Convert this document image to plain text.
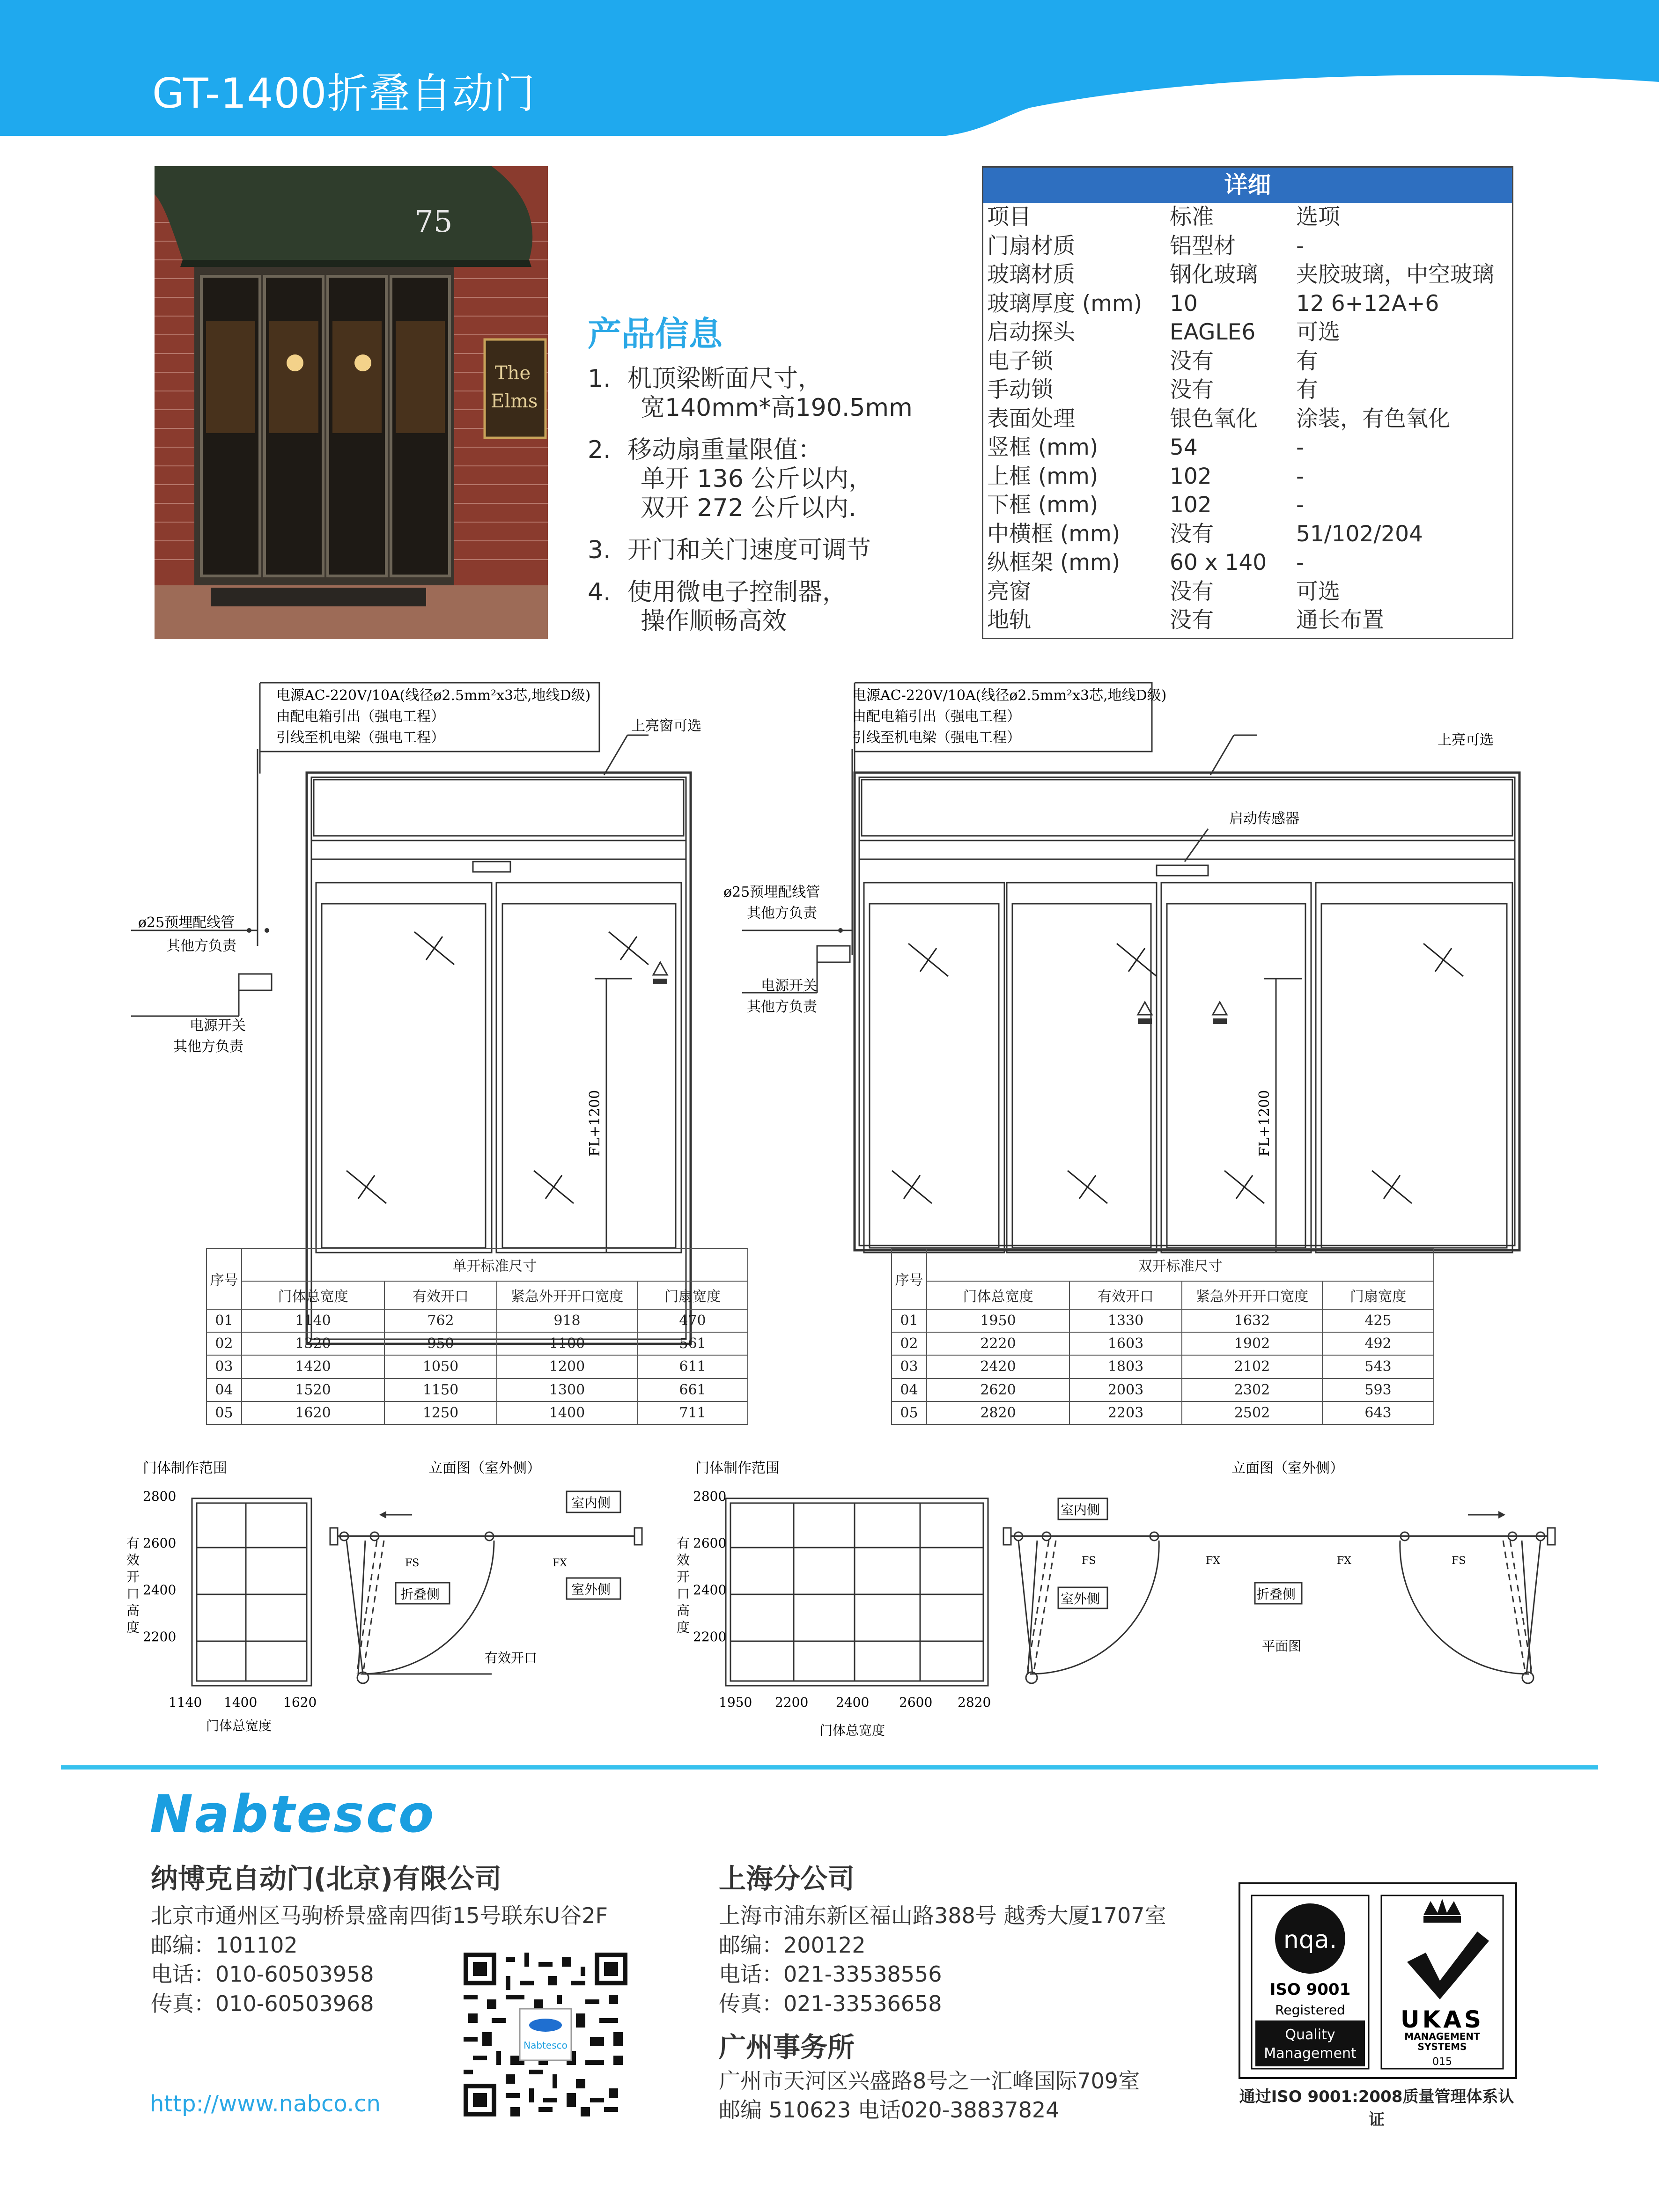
GT-1400折叠自动门
75
The
Elms
产品信息
1. 机顶梁断面尺寸，
宽140mm*高190.5mm
2. 移动扇重量限值：
单开 136 公斤以内，
双开 272 公斤以内.
3. 开门和关门速度可调节
4. 使用微电子控制器，
操作顺畅高效
详细
项目	标准	选项
门扇材质	铝型材	-
玻璃材质	钢化玻璃	夹胶玻璃，中空玻璃
玻璃厚度 (mm)	10	12 6+12A+6
启动探头	EAGLE6	可选
电子锁	没有	有
手动锁	没有	有
表面处理	银色氧化	涂装，有色氧化
竖框 (mm)	54	-
上框 (mm)	102	-
下框 (mm)	102	-
中横框 (mm)	没有	51/102/204
纵框架 (mm)	60 x 140	-
亮窗	没有	可选
地轨	没有	通长布置
电源AC-220V/10A(线径ø2.5mm²x3芯,地线D级)
由配电箱引出（强电工程）
引线至机电梁（强电工程）
上亮窗可选
ø25预埋配线管
其他方负责
电源开关
其他方负责
FL+1200
电源AC-220V/10A(线径ø2.5mm²x3芯,地线D级)
由配电箱引出（强电工程）
引线至机电梁（强电工程）	上亮可选
启动传感器
ø25预埋配线管
其他方负责
电源开关
其他方负责
FL+1200
序号	单开标准尺寸			
	门体总宽度	有效开口	紧急外开开口宽度	门扇宽度
01	1140	762	918	470
02	1320	950	1100	561
03	1420	1050	1200	611
04	1520	1150	1300	661
05	1620	1250	1400	711
序号	双开标准尺寸			
	门体总宽度	有效开口	紧急外开开口宽度	门扇宽度
01	1950	1330	1632	425
02	2220	1603	1902	492
03	2420	1803	2102	543
04	2620	2003	2302	593
05	2820	2203	2502	643
门体制作范围
2800
2600
2400
2200
有
效
开
口
高
度
1140 1400 1620
门体总宽度
立面图（室外侧）
室内侧
室外侧
折叠侧
FS	FX
有效开口
门体制作范围
2800
2600
2400
2200
有
效
开
口
高
度
1950 2200 2400 2600 2820
门体总宽度
立面图（室外侧）
室内侧
室外侧	折叠侧
FS	FX	FX	FS
平面图
Nabtesco
纳博克自动门(北京)有限公司
北京市通州区马驹桥景盛南四街15号联东U谷2F
邮编：101102
电话：010-60503958
传真：010-60503968
http://www.nabco.cn
Nabtesco
上海分公司
上海市浦东新区福山路388号 越秀大厦1707室
邮编：200122
电话：021-33538556
传真：021-33536658
广州事务所
广州市天河区兴盛路8号之一汇峰国际709室
邮编 510623 电话020-38837824
nqa.
ISO 9001
Registered
Quality
Management
UKAS
MANAGEMENT
SYSTEMS
015
通过ISO 9001:2008质量管理体系认证
